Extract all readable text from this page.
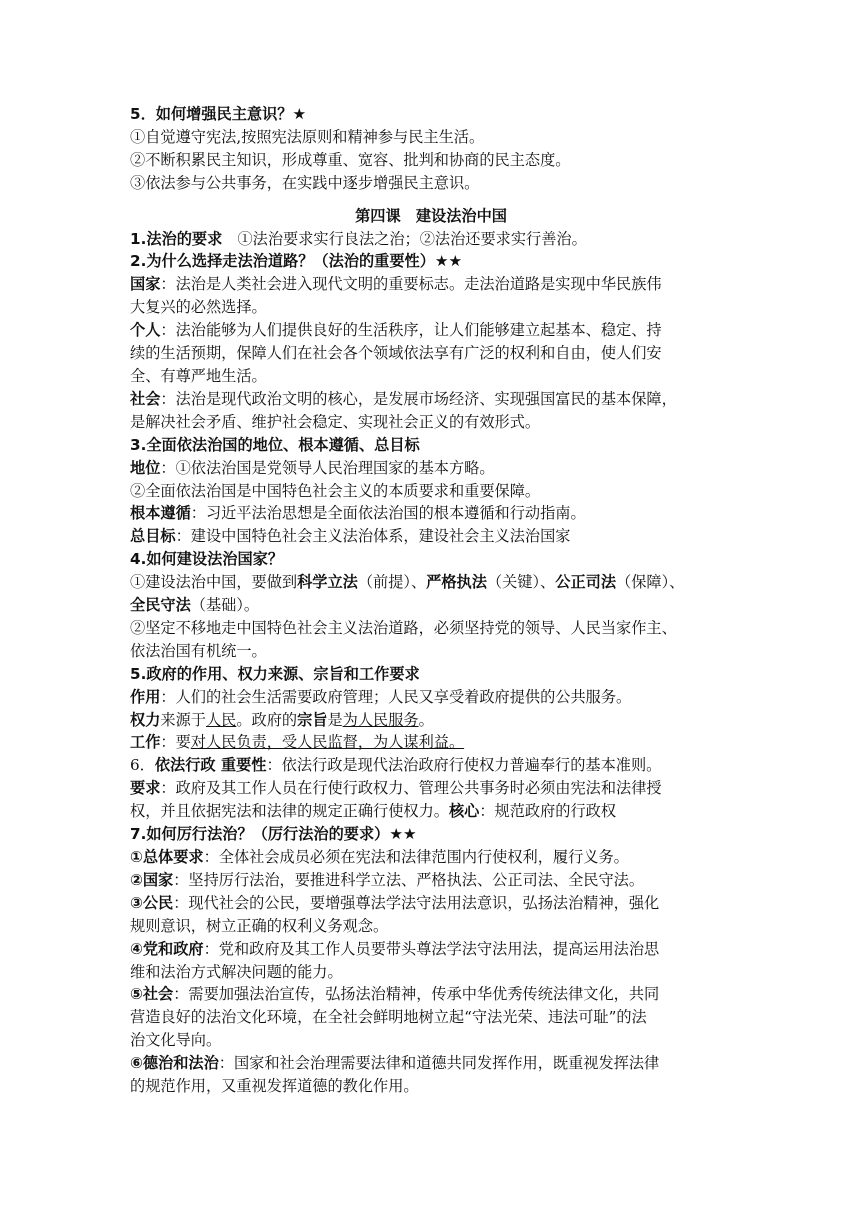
5．如何增强民主意识？★
①自觉遵守宪法,按照宪法原则和精神参与民主生活。
②不断积累民主知识，形成尊重、宽容、批判和协商的民主态度。
③依法参与公共事务，在实践中逐步增强民主意识。
第四课　建设法治中国
1.法治的要求　①法治要求实行良法之治；②法治还要求实行善治。
2.为什么选择走法治道路？（法治的重要性）★★
国家：法治是人类社会进入现代文明的重要标志。走法治道路是实现中华民族伟
大复兴的必然选择。
个人：法治能够为人们提供良好的生活秩序，让人们能够建立起基本、稳定、持
续的生活预期，保障人们在社会各个领域依法享有广泛的权利和自由，使人们安
全、有尊严地生活。
社会：法治是现代政治文明的核心，是发展市场经济、实现强国富民的基本保障，
是解决社会矛盾、维护社会稳定、实现社会正义的有效形式。
3.全面依法治国的地位、根本遵循、总目标
地位：①依法治国是党领导人民治理国家的基本方略。
②全面依法治国是中国特色社会主义的本质要求和重要保障。
根本遵循：习近平法治思想是全面依法治国的根本遵循和行动指南。
总目标：建设中国特色社会主义法治体系，建设社会主义法治国家
4.如何建设法治国家？
①建设法治中国，要做到科学立法（前提）、严格执法（关键）、公正司法（保障）、
全民守法（基础）。
②坚定不移地走中国特色社会主义法治道路，必须坚持党的领导、人民当家作主、
依法治国有机统一。
5.政府的作用、权力来源、宗旨和工作要求
作用：人们的社会生活需要政府管理；人民又享受着政府提供的公共服务。
权力来源于人民。政府的宗旨是为人民服务。
工作：要对人民负责，受人民监督，为人谋利益。
6．依法行政 重要性：依法行政是现代法治政府行使权力普遍奉行的基本准则。
要求：政府及其工作人员在行使行政权力、管理公共事务时必须由宪法和法律授
权，并且依据宪法和法律的规定正确行使权力。核心：规范政府的行政权
7.如何厉行法治？（厉行法治的要求）★★
①总体要求：全体社会成员必须在宪法和法律范围内行使权利，履行义务。
②国家：坚持厉行法治，要推进科学立法、严格执法、公正司法、全民守法。
③公民：现代社会的公民，要增强尊法学法守法用法意识，弘扬法治精神，强化
规则意识，树立正确的权利义务观念。
④党和政府：党和政府及其工作人员要带头尊法学法守法用法，提高运用法治思
维和法治方式解决问题的能力。
⑤社会：需要加强法治宣传，弘扬法治精神，传承中华优秀传统法律文化，共同
营造良好的法治文化环境，在全社会鲜明地树立起“守法光荣、违法可耻”的法
治文化导向。
⑥德治和法治：国家和社会治理需要法律和道德共同发挥作用，既重视发挥法律
的规范作用，又重视发挥道德的教化作用。
